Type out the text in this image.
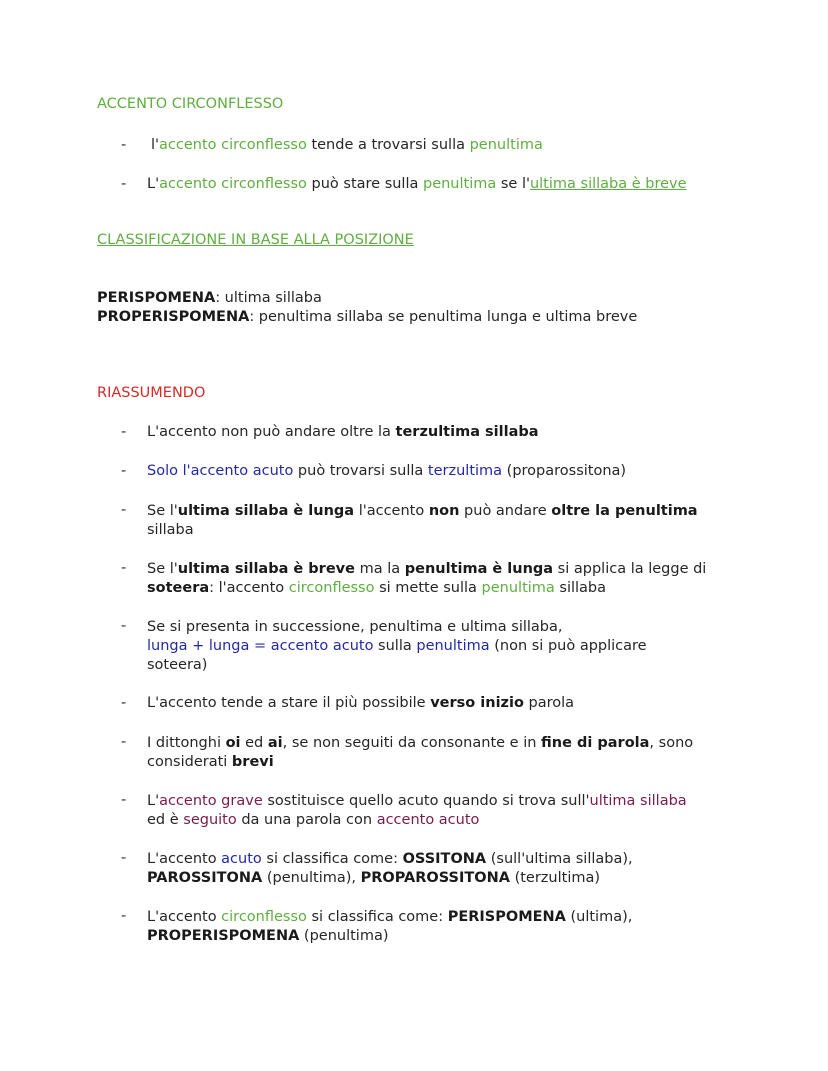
ACCENTO CIRCONFLESSO
- l'accento circonflesso tende a trovarsi sulla penultima
- L'accento circonflesso può stare sulla penultima se l'ultima sillaba è breve
CLASSIFICAZIONE IN BASE ALLA POSIZIONE
PERISPOMENA: ultima sillaba
PROPERISPOMENA: penultima sillaba se penultima lunga e ultima breve
RIASSUMENDO
- L'accento non può andare oltre la terzultima sillaba
- Solo l'accento acuto può trovarsi sulla terzultima (proparossitona)
- Se l'ultima sillaba è lunga l'accento non può andare oltre la penultima
sillaba
- Se l'ultima sillaba è breve ma la penultima è lunga si applica la legge di
soteera: l'accento circonflesso si mette sulla penultima sillaba
- Se si presenta in successione, penultima e ultima sillaba,
lunga + lunga = accento acuto sulla penultima (non si può applicare
soteera)
- L'accento tende a stare il più possibile verso inizio parola
- I dittonghi oi ed ai, se non seguiti da consonante e in fine di parola, sono
considerati brevi
- L'accento grave sostituisce quello acuto quando si trova sull'ultima sillaba
ed è seguito da una parola con accento acuto
- L'accento acuto si classifica come: OSSITONA (sull'ultima sillaba),
PAROSSITONA (penultima), PROPAROSSITONA (terzultima)
- L'accento circonflesso si classifica come: PERISPOMENA (ultima),
PROPERISPOMENA (penultima)
